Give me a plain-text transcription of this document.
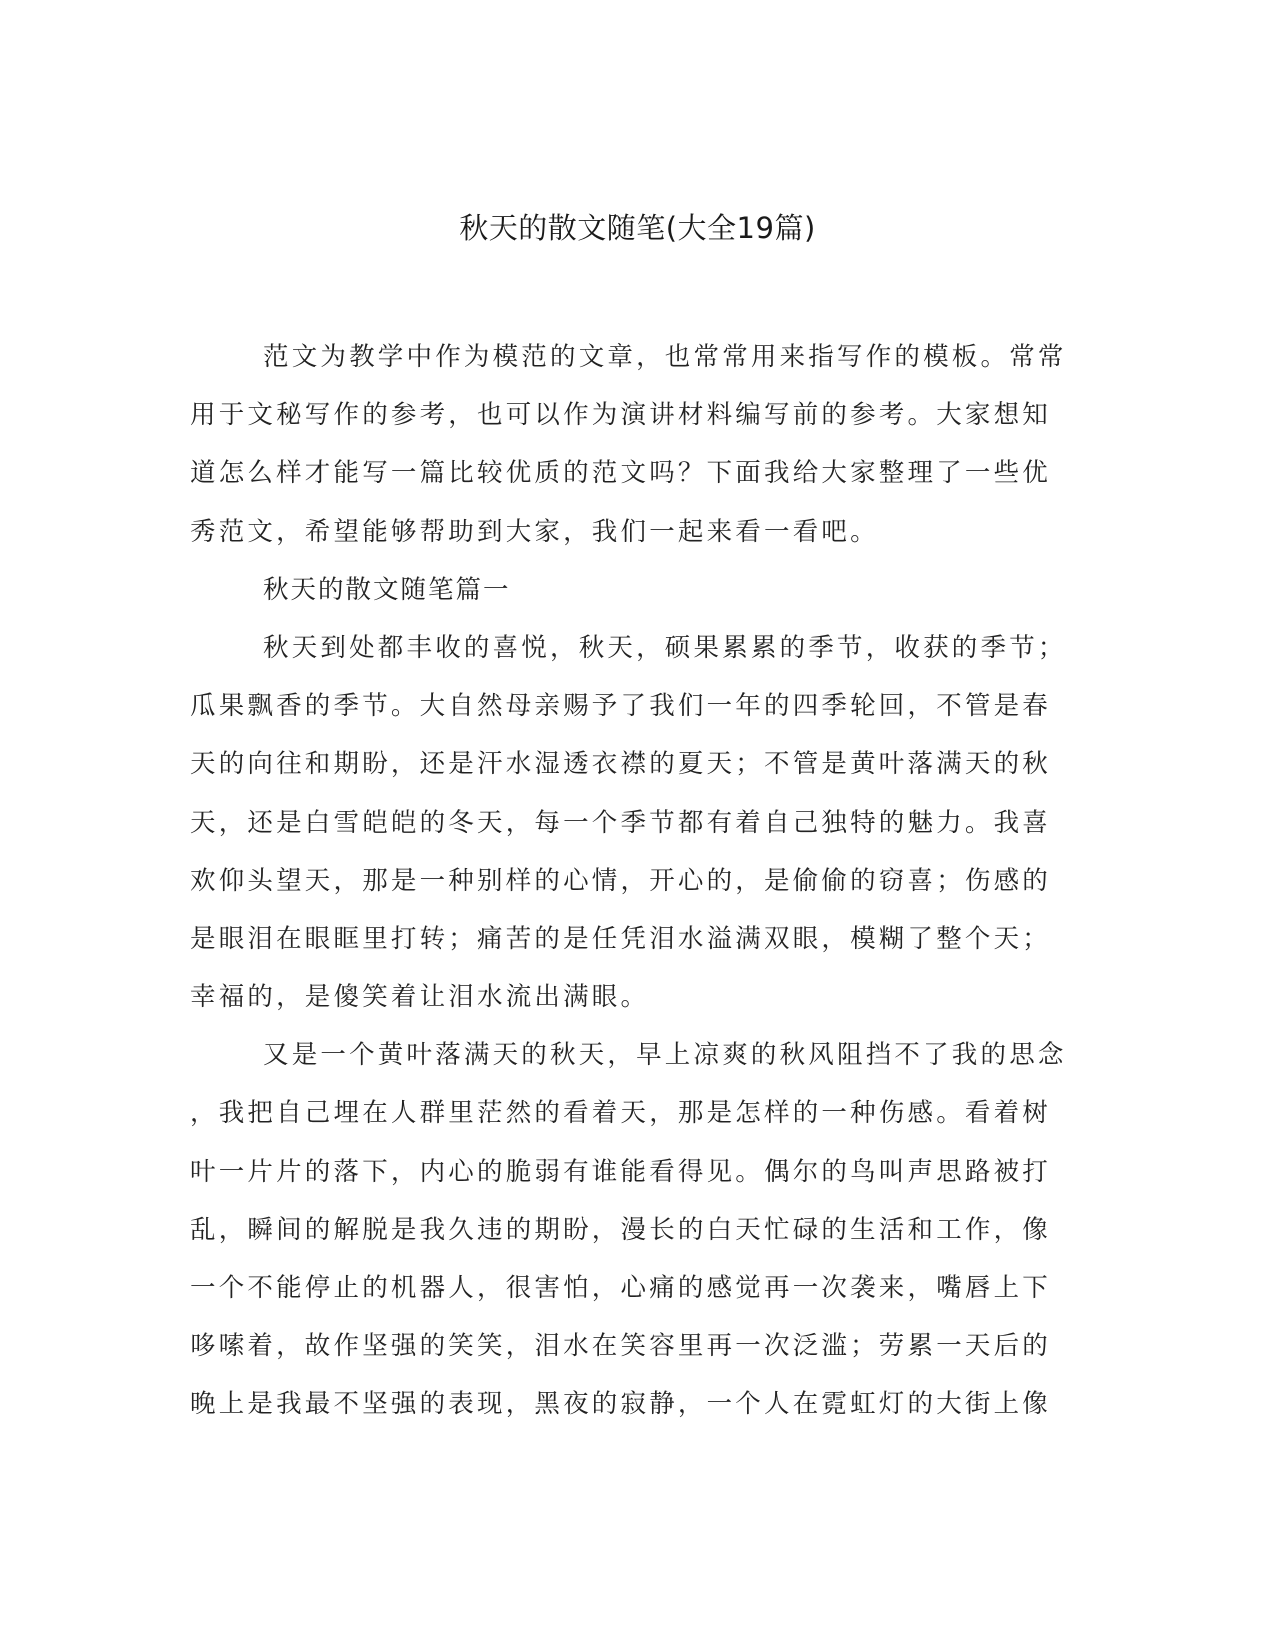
秋天的散文随笔(大全19篇)
范文为教学中作为模范的文章，也常常用来指写作的模板。常常
用于文秘写作的参考，也可以作为演讲材料编写前的参考。大家想知
道怎么样才能写一篇比较优质的范文吗？下面我给大家整理了一些优
秀范文，希望能够帮助到大家，我们一起来看一看吧。
秋天的散文随笔篇一
秋天到处都丰收的喜悦，秋天，硕果累累的季节，收获的季节；
瓜果飘香的季节。大自然母亲赐予了我们一年的四季轮回，不管是春
天的向往和期盼，还是汗水湿透衣襟的夏天；不管是黄叶落满天的秋
天，还是白雪皑皑的冬天，每一个季节都有着自己独特的魅力。我喜
欢仰头望天，那是一种别样的心情，开心的，是偷偷的窃喜；伤感的
是眼泪在眼眶里打转；痛苦的是任凭泪水溢满双眼，模糊了整个天；
幸福的，是傻笑着让泪水流出满眼。
又是一个黄叶落满天的秋天，早上凉爽的秋风阻挡不了我的思念
，我把自己埋在人群里茫然的看着天，那是怎样的一种伤感。看着树
叶一片片的落下，内心的脆弱有谁能看得见。偶尔的鸟叫声思路被打
乱，瞬间的解脱是我久违的期盼，漫长的白天忙碌的生活和工作，像
一个不能停止的机器人，很害怕，心痛的感觉再一次袭来，嘴唇上下
哆嗦着，故作坚强的笑笑，泪水在笑容里再一次泛滥；劳累一天后的
晚上是我最不坚强的表现，黑夜的寂静，一个人在霓虹灯的大街上像
